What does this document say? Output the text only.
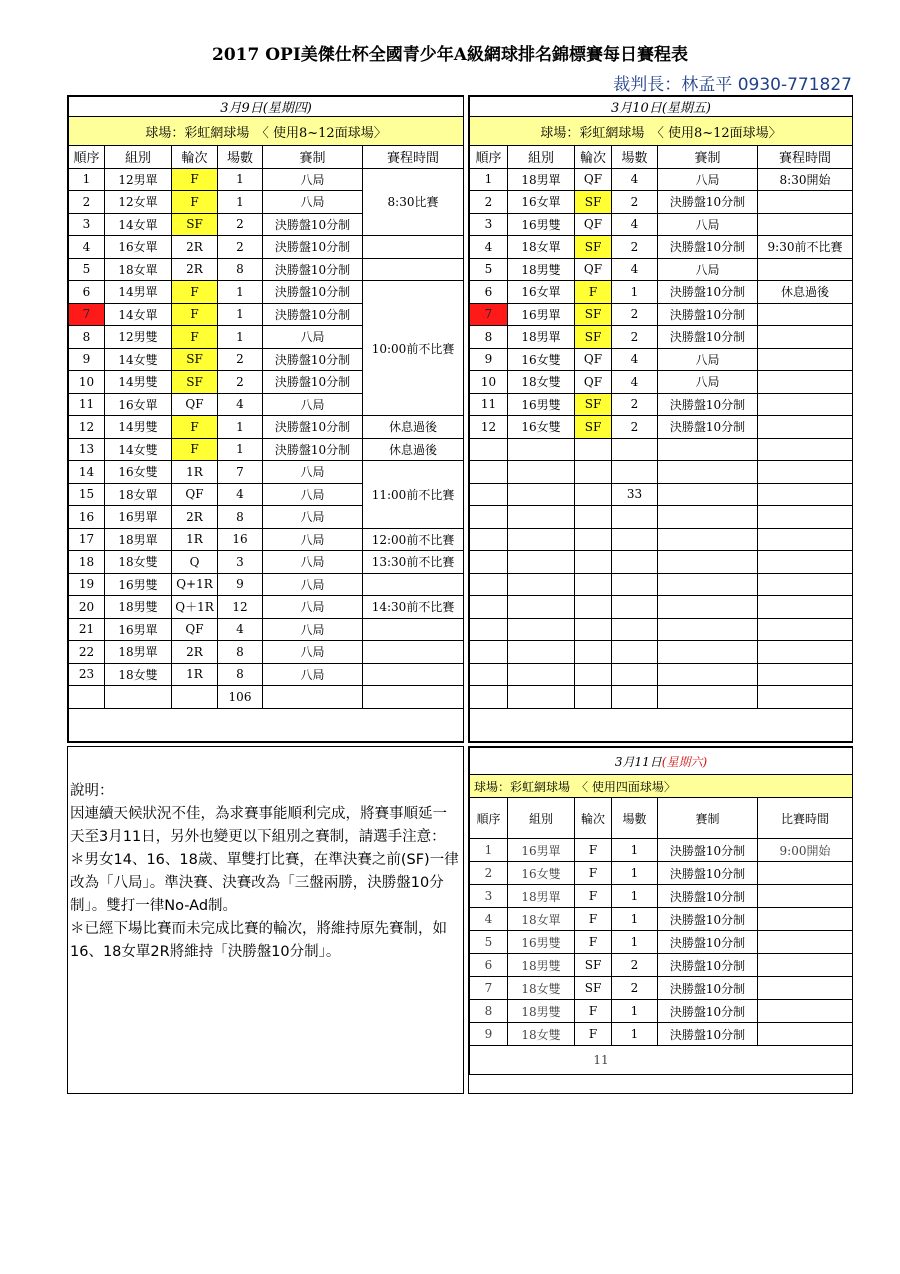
2017 OPI美傑仕杯全國青少年A級網球排名錦標賽每日賽程表
裁判長：林孟平 0930-771827
3月9日(星期四)					
球場：彩虹網球場　〈 使用8~12面球場〉					
順序	組別	輪次	場數	賽制	賽程時間
1	12男單	F	1	八局	8:30比賽
2	12女單	F	1	八局	
3	14女單	SF	2	決勝盤10分制	
4	16女單	2R	2	決勝盤10分制	
5	18女單	2R	8	決勝盤10分制	
6	14男單	F	1	決勝盤10分制	10:00前不比賽
7	14女單	F	1	決勝盤10分制	
8	12男雙	F	1	八局	
9	14女雙	SF	2	決勝盤10分制	
10	14男雙	SF	2	決勝盤10分制	
11	16女單	QF	4	八局	
12	14男雙	F	1	決勝盤10分制	休息過後
13	14女雙	F	1	決勝盤10分制	休息過後
14	16女雙	1R	7	八局	11:00前不比賽
15	18女單	QF	4	八局	
16	16男單	2R	8	八局	
17	18男單	1R	16	八局	12:00前不比賽
18	18女雙	Q	3	八局	13:30前不比賽
19	16男雙	Q+1R	9	八局	
20	18男雙	Q＋1R	12	八局	14:30前不比賽
21	16男單	QF	4	八局	
22	18男單	2R	8	八局	
23	18女雙	1R	8	八局	
			106		

3月10日(星期五)					
球場：彩虹網球場　〈 使用8~12面球場〉					
順序	組別	輪次	場數	賽制	賽程時間
1	18男單	QF	4	八局	8:30開始
2	16女單	SF	2	決勝盤10分制	
3	16男雙	QF	4	八局	
4	18女單	SF	2	決勝盤10分制	9:30前不比賽
5	18男雙	QF	4	八局	
6	16女單	F	1	決勝盤10分制	休息過後
7	16男單	SF	2	決勝盤10分制	
8	18男單	SF	2	決勝盤10分制	
9	16女雙	QF	4	八局	
10	18女雙	QF	4	八局	
11	16男雙	SF	2	決勝盤10分制	
12	16女雙	SF	2	決勝盤10分制	

			33		

說明：

因連續天候狀況不佳，為求賽事能順利完成，將賽事順延一天至3月11日，另外也變更以下組別之賽制，請選手注意：

＊男女14、16、18歲、單雙打比賽，在準決賽之前(SF)一律改為「八局」。準決賽、決賽改為「三盤兩勝，決勝盤10分制」。雙打一律No-Ad制。

＊已經下場比賽而未完成比賽的輪次，將維持原先賽制，如16、18女單2R將維持「決勝盤10分制」。

3月11日(星期六)					
球場：彩虹網球場　〈 使用四面球場〉					
順序	組別	輪次	場數	賽制	比賽時間
1	16男單	F	1	決勝盤10分制	9:00開始
2	16女雙	F	1	決勝盤10分制	
3	18男單	F	1	決勝盤10分制	
4	18女單	F	1	決勝盤10分制	
5	16男雙	F	1	決勝盤10分制	
6	18男雙	SF	2	決勝盤10分制	
7	18女雙	SF	2	決勝盤10分制	
8	18男雙	F	1	決勝盤10分制	
9	18女雙	F	1	決勝盤10分制	
11					
